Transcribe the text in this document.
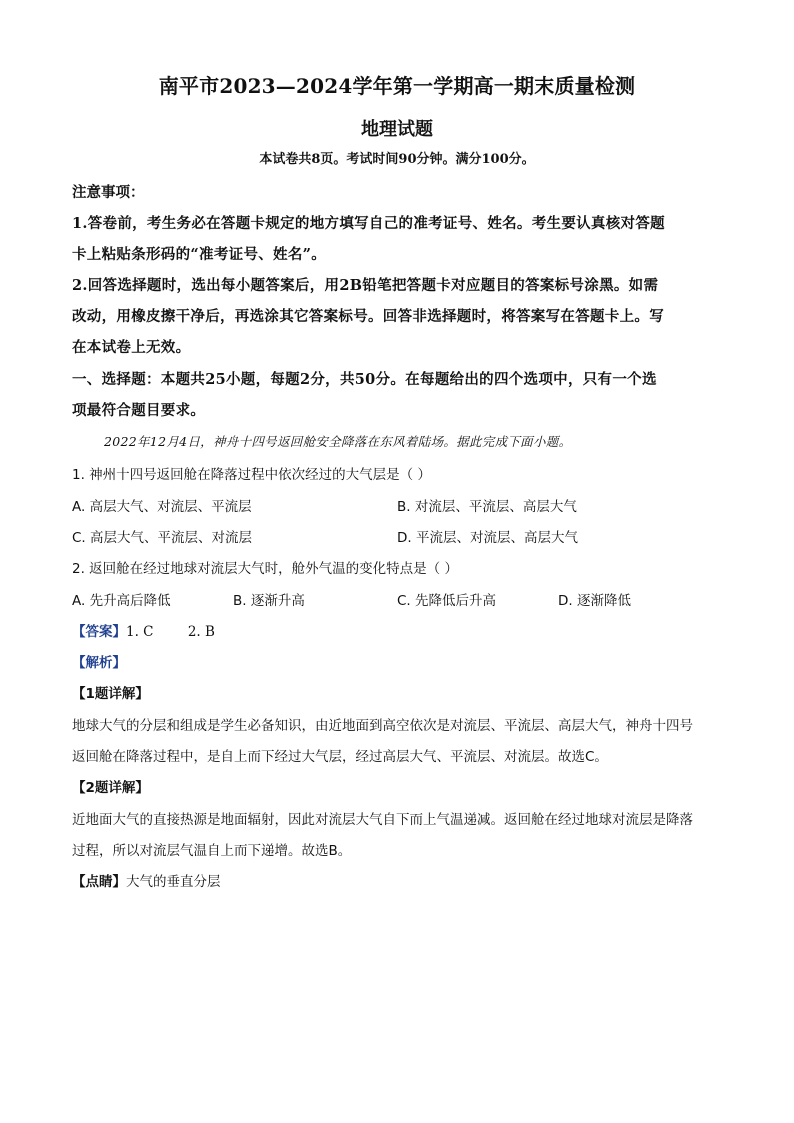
南平市2023—2024学年第一学期高一期末质量检测
地理试题
本试卷共8页。考试时间90分钟。满分100分。
注意事项：
1.答卷前，考生务必在答题卡规定的地方填写自己的准考证号、姓名。考生要认真核对答题
卡上粘贴条形码的“准考证号、姓名”。
2.回答选择题时，选出每小题答案后，用2B铅笔把答题卡对应题目的答案标号涂黑。如需
改动，用橡皮擦干净后，再选涂其它答案标号。回答非选择题时，将答案写在答题卡上。写
在本试卷上无效。
一、选择题：本题共25小题，每题2分，共50分。在每题给出的四个选项中，只有一个选
项最符合题目要求。
2022年12月4日，神舟十四号返回舱安全降落在东风着陆场。据此完成下面小题。
1. 神州十四号返回舱在降落过程中依次经过的大气层是（ ）
A. 高层大气、对流层、平流层	B. 对流层、平流层、高层大气
C. 高层大气、平流层、对流层	D. 平流层、对流层、高层大气
2. 返回舱在经过地球对流层大气时，舱外气温的变化特点是（ ）
A. 先升高后降低	B. 逐渐升高	C. 先降低后升高	D. 逐渐降低
【答案】1. C        2. B
【解析】
【1题详解】
地球大气的分层和组成是学生必备知识，由近地面到高空依次是对流层、平流层、高层大气，神舟十四号
返回舱在降落过程中，是自上而下经过大气层，经过高层大气、平流层、对流层。故选C。
【2题详解】
近地面大气的直接热源是地面辐射，因此对流层大气自下而上气温递减。返回舱在经过地球对流层是降落
过程，所以对流层气温自上而下递增。故选B。
【点睛】大气的垂直分层
